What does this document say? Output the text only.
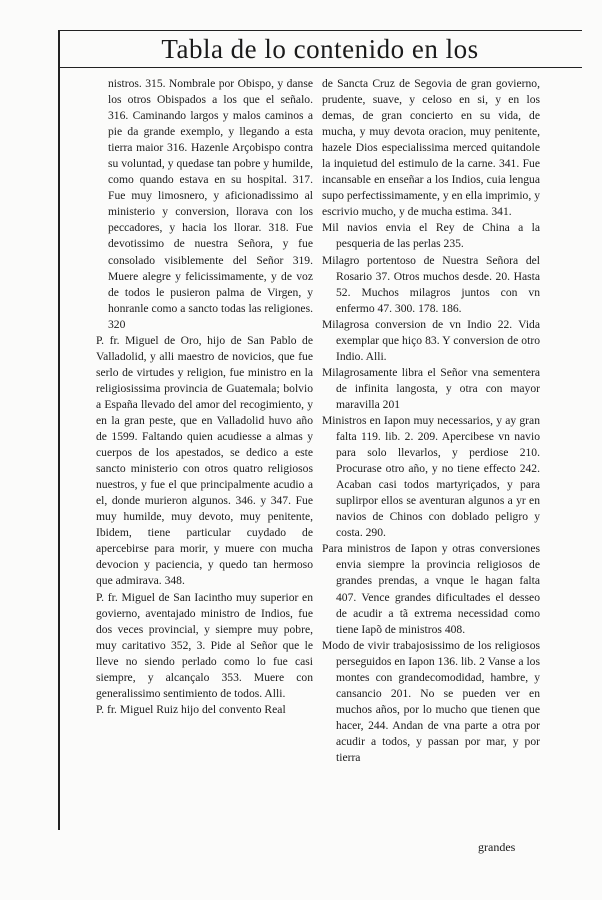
Tabla de lo contenido en los

nistros. 315. Nombrale por Obispo, y danse los otros Obispados a los que el señalo. 316. Caminando largos y malos caminos a pie da grande exemplo, y llegando a esta tierra maior 316. Hazenle Arçobispo contra su voluntad, y quedase tan pobre y humilde, como quando estava en su hospital. 317. Fue muy limosnero, y aficionadissimo al ministerio y conversion, llorava con los peccadores, y hacia los llorar. 318. Fue devotissimo de nuestra Señora, y fue consolado visiblemente del Señor 319. Muere alegre y felicissimamente, y de voz de todos le pusieron palma de Virgen, y honranle como a sancto todas las religiones. 320

P. fr. Miguel de Oro, hijo de San Pablo de Valladolid, y alli maestro de novicios, que fue serlo de virtudes y religion, fue ministro en la religiosissima provincia de Guatemala; bolvio a España llevado del amor del recogimiento, y en la gran peste, que en Valladolid huvo año de 1599. Faltando quien acudiesse a almas y cuerpos de los apestados, se dedico a este sancto ministerio con otros quatro religiosos nuestros, y fue el que principalmente acudio a el, donde murieron algunos. 346. y 347. Fue muy humilde, muy devoto, muy penitente, Ibidem, tiene particular cuydado de apercebirse para morir, y muere con mucha devocion y paciencia, y quedo tan hermoso que admirava. 348.

P. fr. Miguel de San Iacintho muy superior en govierno, aventajado ministro de Indios, fue dos veces provincial, y siempre muy pobre, muy caritativo 352, 3. Pide al Señor que le lleve no siendo perlado como lo fue casi siempre, y alcançalo 353. Muere con generalissimo sentimiento de todos. Alli.

P. fr. Miguel Ruiz hijo del convento Real

de Sancta Cruz de Segovia de gran govierno, prudente, suave, y celoso en si, y en los demas, de gran concierto en su vida, de mucha, y muy devota oracion, muy penitente, hazele Dios especialissima merced quitandole la inquietud del estimulo de la carne. 341. Fue incansable en enseñar a los Indios, cuia lengua supo perfectissimamente, y en ella imprimio, y escrivio mucho, y de mucha estima. 341.

Mil navios envia el Rey de China a la pesqueria de las perlas 235.

Milagro portentoso de Nuestra Señora del Rosario 37. Otros muchos desde. 20. Hasta 52. Muchos milagros juntos con vn enfermo 47. 300. 178. 186.

Milagrosa conversion de vn Indio 22. Vida exemplar que hiço 83. Y conversion de otro Indio. Alli.

Milagrosamente libra el Señor vna sementera de infinita langosta, y otra con mayor maravilla 201

Ministros en Iapon muy necessarios, y ay gran falta 119. lib. 2. 209. Apercibese vn navio para solo llevarlos, y perdiose 210. Procurase otro año, y no tiene effecto 242. Acaban casi todos martyriçados, y para suplirpor ellos se aventuran algunos a yr en navios de Chinos con doblado peligro y costa. 290.

Para ministros de Iapon y otras conversiones envia siempre la provincia religiosos de grandes prendas, a vnque le hagan falta 407. Vence grandes dificultades el desseo de acudir a tã extrema necessidad como tiene Iapõ de ministros 408.

Modo de vivir trabajosissimo de los religiosos perseguidos en Iapon 136. lib. 2 Vanse a los montes con grandecomodidad, hambre, y cansancio 201. No se pueden ver en muchos años, por lo mucho que tienen que hacer, 244. Andan de vna parte a otra por acudir a todos, y passan por mar, y por tierra

grandes
